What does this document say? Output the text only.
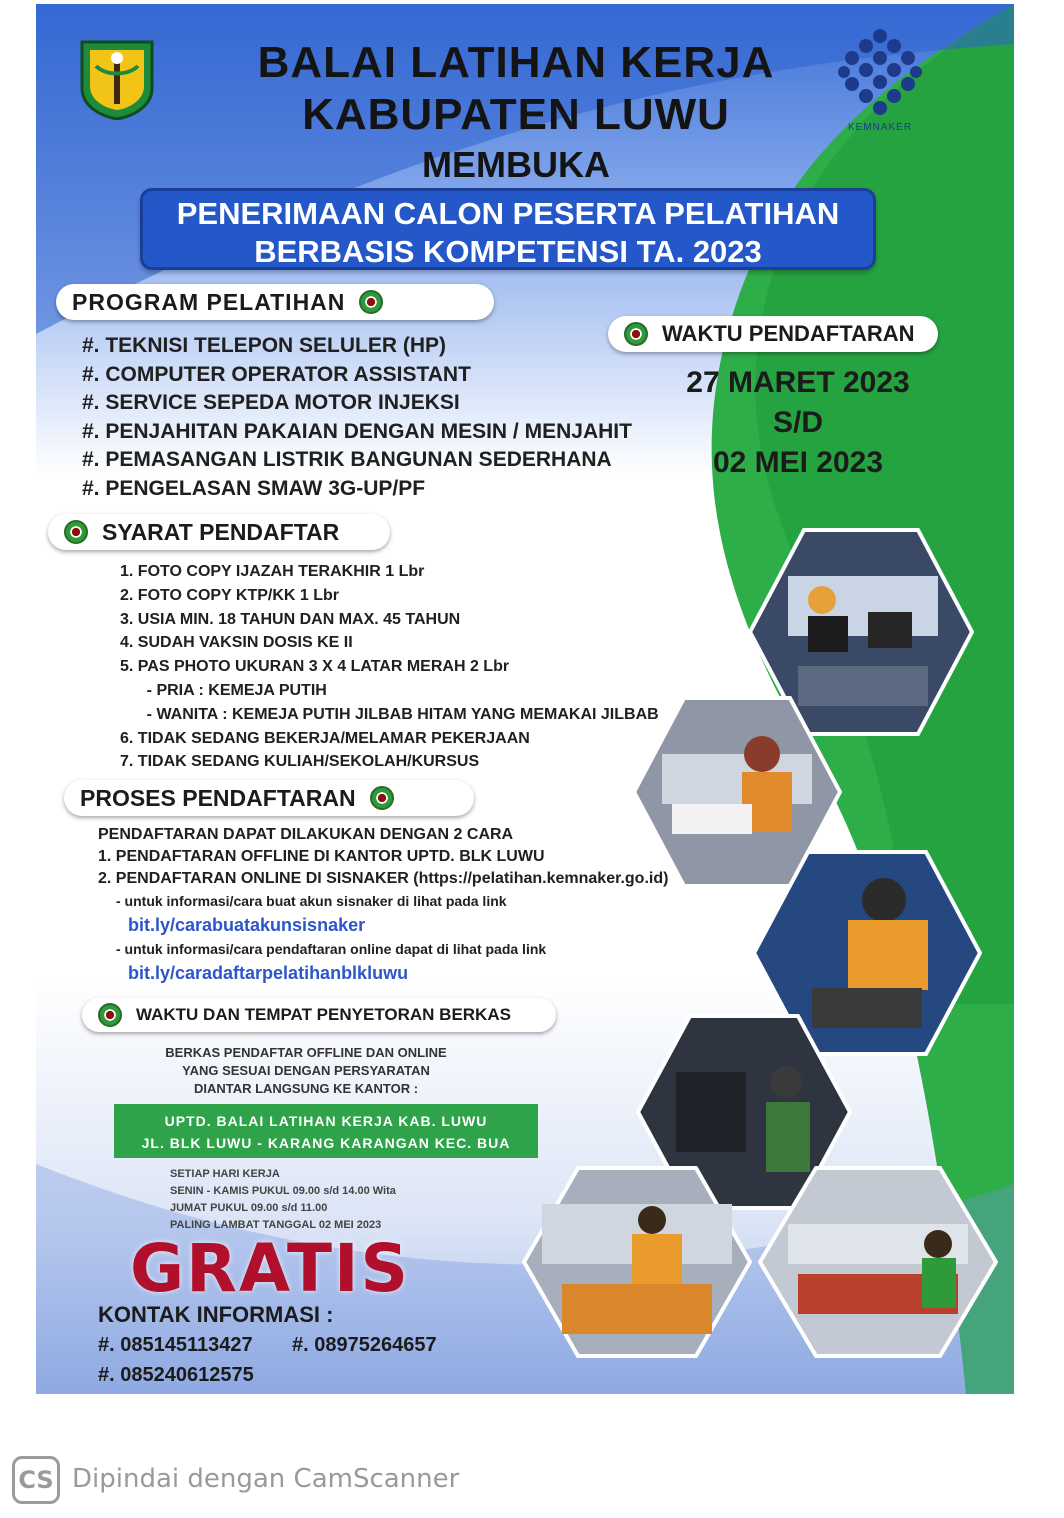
KEMNAKER
BALAI LATIHAN KERJA
KABUPATEN LUWU
MEMBUKA
PENERIMAAN CALON PESERTA PELATIHAN
BERBASIS KOMPETENSI TA. 2023
PROGRAM PELATIHAN
#. TEKNISI TELEPON SELULER (HP)
#. COMPUTER OPERATOR ASSISTANT
#. SERVICE SEPEDA MOTOR INJEKSI
#. PENJAHITAN PAKAIAN DENGAN MESIN / MENJAHIT
#. PEMASANGAN LISTRIK BANGUNAN SEDERHANA
#. PENGELASAN SMAW 3G-UP/PF
WAKTU PENDAFTARAN
27 MARET 2023
S/D
02 MEI 2023
SYARAT PENDAFTAR
1. FOTO COPY IJAZAH TERAKHIR 1 Lbr
2. FOTO COPY KTP/KK 1 Lbr
3. USIA MIN. 18 TAHUN DAN MAX. 45 TAHUN
4. SUDAH VAKSIN DOSIS KE II
5. PAS PHOTO UKURAN 3 X 4 LATAR MERAH 2 Lbr
- PRIA : KEMEJA PUTIH
- WANITA : KEMEJA PUTIH JILBAB HITAM YANG MEMAKAI JILBAB
6. TIDAK SEDANG BEKERJA/MELAMAR PEKERJAAN
7. TIDAK SEDANG KULIAH/SEKOLAH/KURSUS
PROSES PENDAFTARAN
PENDAFTARAN DAPAT DILAKUKAN DENGAN 2 CARA
1. PENDAFTARAN OFFLINE DI KANTOR UPTD. BLK LUWU
2. PENDAFTARAN ONLINE DI SISNAKER (https://pelatihan.kemnaker.go.id)
- untuk informasi/cara buat akun sisnaker di lihat pada link
bit.ly/carabuatakunsisnaker
- untuk informasi/cara pendaftaran online dapat di lihat pada link
bit.ly/caradaftarpelatihanblkluwu
WAKTU DAN TEMPAT PENYETORAN BERKAS
BERKAS PENDAFTAR OFFLINE DAN ONLINE
YANG SESUAI DENGAN PERSYARATAN
DIANTAR LANGSUNG KE KANTOR :
UPTD. BALAI LATIHAN KERJA KAB. LUWU
JL. BLK LUWU - KARANG KARANGAN KEC. BUA
SETIAP HARI KERJA
SENIN - KAMIS PUKUL 09.00 s/d 14.00 Wita
JUMAT PUKUL 09.00 s/d 11.00
PALING LAMBAT TANGGAL 02 MEI 2023
GRATIS
KONTAK INFORMASI :
#. 085145113427 #. 08975264657
#. 085240612575
CS Dipindai dengan CamScanner
